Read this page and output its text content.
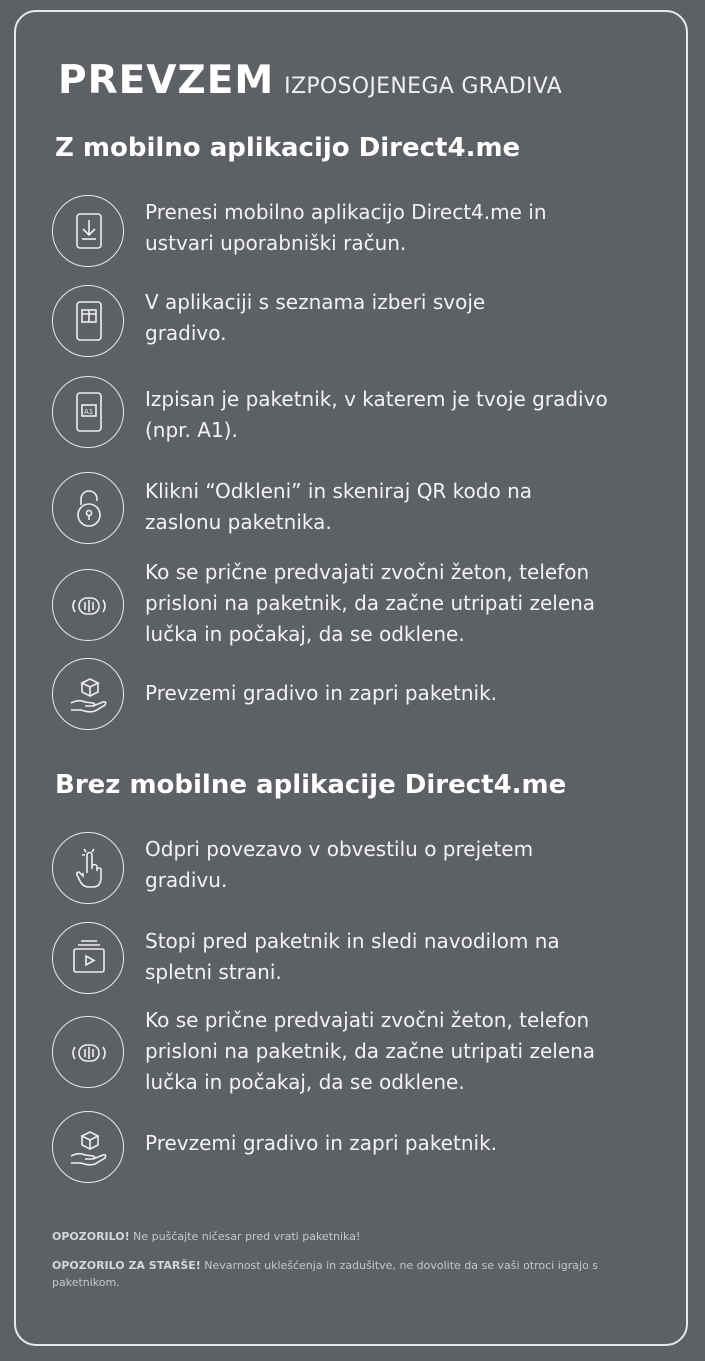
PREVZEM IZPOSOJENEGA GRADIVA
Z mobilno aplikacijo Direct4.me
Prenesi mobilno aplikacijo Direct4.me in
ustvari uporabniški račun.
V aplikaciji s seznama izberi svoje
gradivo.
A1
Izpisan je paketnik, v katerem je tvoje gradivo
(npr. A1).
Klikni “Odkleni” in skeniraj QR kodo na
zaslonu paketnika.
Ko se prične predvajati zvočni žeton, telefon
prisloni na paketnik, da začne utripati zelena
lučka in počakaj, da se odklene.
Prevzemi gradivo in zapri paketnik.
Brez mobilne aplikacije Direct4.me
Odpri povezavo v obvestilu o prejetem
gradivu.
Stopi pred paketnik in sledi navodilom na
spletni strani.
Ko se prične predvajati zvočni žeton, telefon
prisloni na paketnik, da začne utripati zelena
lučka in počakaj, da se odklene.
Prevzemi gradivo in zapri paketnik.
OPOZORILO! Ne puščajte ničesar pred vrati paketnika!
OPOZORILO ZA STARŠE! Nevarnost uklešćenja in zadušitve, ne dovolite da se vaši otroci igrajo s paketnikom.
